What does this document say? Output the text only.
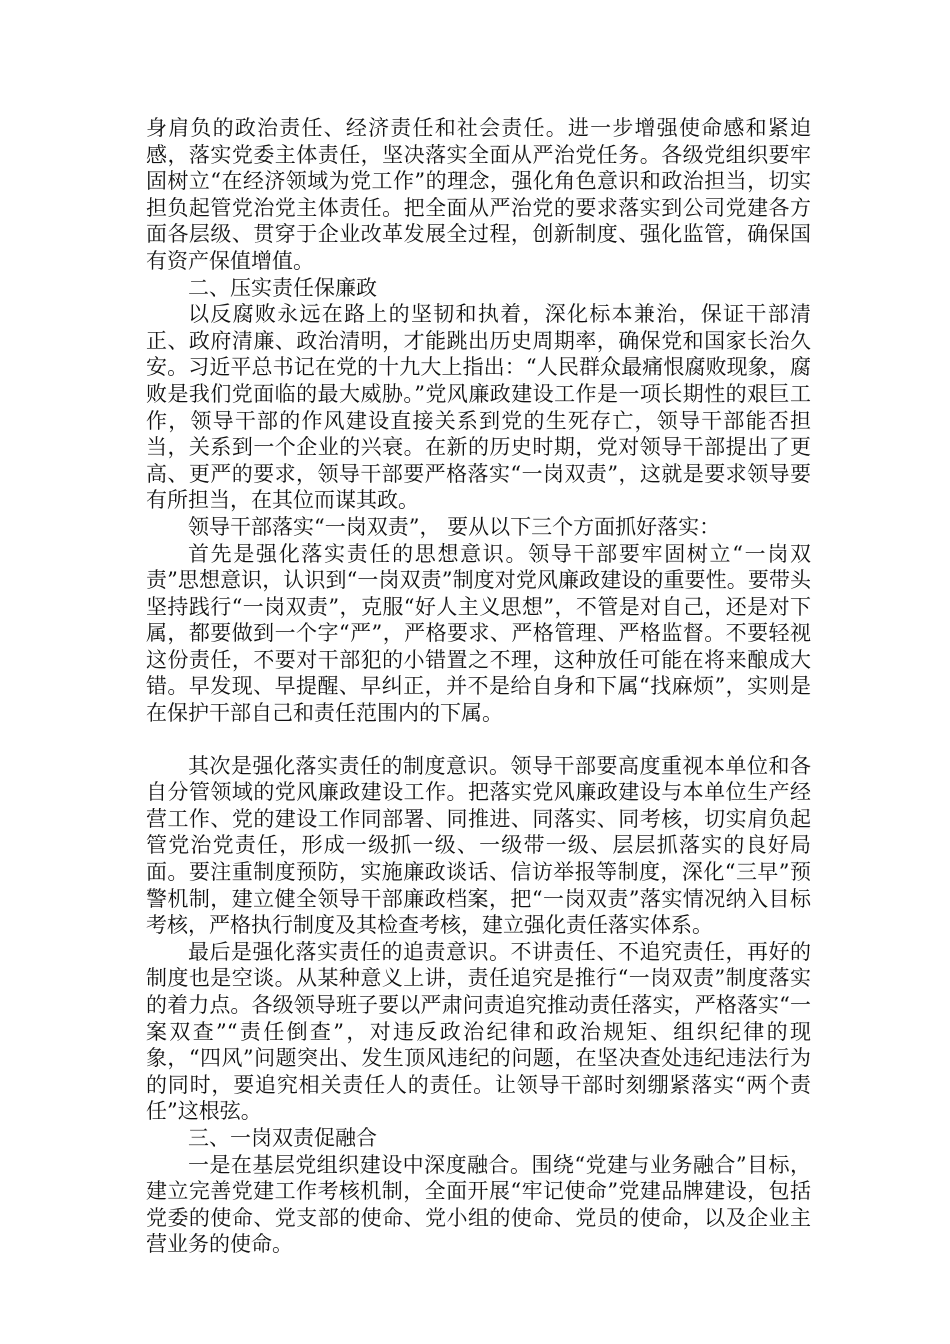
身肩负的政治责任、经济责任和社会责任。进一步增强使命感和紧迫感，落实党委主体责任，坚决落实全面从严治党任务。各级党组织要牢固树立“在经济领域为党工作”的理念，强化角色意识和政治担当，切实担负起管党治党主体责任。把全面从严治党的要求落实到公司党建各方面各层级、贯穿于企业改革发展全过程，创新制度、强化监管，确保国有资产保值增值。

二、压实责任保廉政

以反腐败永远在路上的坚韧和执着，深化标本兼治，保证干部清正、政府清廉、政治清明，才能跳出历史周期率，确保党和国家长治久安。习近平总书记在党的十九大上指出：“人民群众最痛恨腐败现象，腐败是我们党面临的最大威胁。”党风廉政建设工作是一项长期性的艰巨工作，领导干部的作风建设直接关系到党的生死存亡，领导干部能否担当，关系到一个企业的兴衰。在新的历史时期，党对领导干部提出了更高、更严的要求，领导干部要严格落实“一岗双责”，这就是要求领导要有所担当，在其位而谋其政。

领导干部落实“一岗双责”， 要从以下三个方面抓好落实：

首先是强化落实责任的思想意识。领导干部要牢固树立“一岗双责”思想意识，认识到“一岗双责”制度对党风廉政建设的重要性。要带头坚持践行“一岗双责”，克服“好人主义思想”，不管是对自己，还是对下属，都要做到一个字“严”，严格要求、严格管理、严格监督。不要轻视这份责任，不要对干部犯的小错置之不理，这种放任可能在将来酿成大错。早发现、早提醒、早纠正，并不是给自身和下属“找麻烦”，实则是在保护干部自己和责任范围内的下属。

其次是强化落实责任的制度意识。领导干部要高度重视本单位和各自分管领域的党风廉政建设工作。把落实党风廉政建设与本单位生产经营工作、党的建设工作同部署、同推进、同落实、同考核，切实肩负起管党治党责任，形成一级抓一级、一级带一级、层层抓落实的良好局面。要注重制度预防，实施廉政谈话、信访举报等制度，深化“三早”预警机制，建立健全领导干部廉政档案，把“一岗双责”落实情况纳入目标考核，严格执行制度及其检查考核，建立强化责任落实体系。

最后是强化落实责任的追责意识。不讲责任、不追究责任，再好的制度也是空谈。从某种意义上讲，责任追究是推行“一岗双责”制度落实的着力点。各级领导班子要以严肃问责追究推动责任落实，严格落实“一案双查”“责任倒查”，对违反政治纪律和政治规矩、组织纪律的现象，“四风”问题突出、发生顶风违纪的问题，在坚决查处违纪违法行为的同时，要追究相关责任人的责任。让领导干部时刻绷紧落实“两个责任”这根弦。

三、一岗双责促融合

一是在基层党组织建设中深度融合。围绕“党建与业务融合”目标，建立完善党建工作考核机制，全面开展“牢记使命”党建品牌建设，包括党委的使命、党支部的使命、党小组的使命、党员的使命，以及企业主营业务的使命。
